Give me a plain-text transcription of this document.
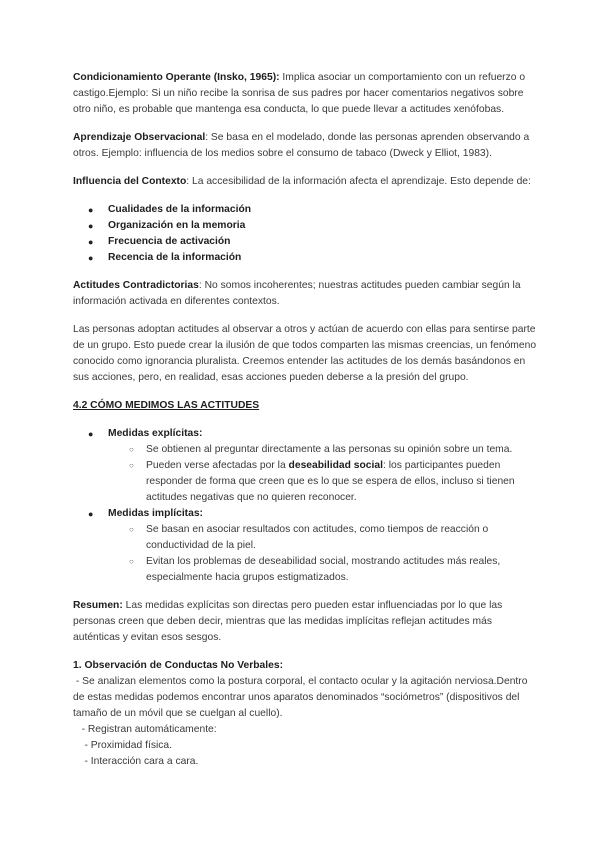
Condicionamiento Operante (Insko, 1965): Implica asociar un comportamiento con un refuerzo o
castigo.Ejemplo: Si un niño recibe la sonrisa de sus padres por hacer comentarios negativos sobre
otro niño, es probable que mantenga esa conducta, lo que puede llevar a actitudes xenófobas.
Aprendizaje Observacional: Se basa en el modelado, donde las personas aprenden observando a
otros. Ejemplo: influencia de los medios sobre el consumo de tabaco (Dweck y Elliot, 1983).
Influencia del Contexto: La accesibilidad de la información afecta el aprendizaje. Esto depende de:
● Cualidades de la información
● Organización en la memoria
● Frecuencia de activación
● Recencia de la información
Actitudes Contradictorias: No somos incoherentes; nuestras actitudes pueden cambiar según la
información activada en diferentes contextos.
Las personas adoptan actitudes al observar a otros y actúan de acuerdo con ellas para sentirse parte
de un grupo. Esto puede crear la ilusión de que todos comparten las mismas creencias, un fenómeno
conocido como ignorancia pluralista. Creemos entender las actitudes de los demás basándonos en
sus acciones, pero, en realidad, esas acciones pueden deberse a la presión del grupo.
4.2 CÓMO MEDIMOS LAS ACTITUDES
● Medidas explícitas:
○ Se obtienen al preguntar directamente a las personas su opinión sobre un tema.
○ Pueden verse afectadas por la deseabilidad social: los participantes pueden
responder de forma que creen que es lo que se espera de ellos, incluso si tienen
actitudes negativas que no quieren reconocer.
● Medidas implícitas:
○ Se basan en asociar resultados con actitudes, como tiempos de reacción o
conductividad de la piel.
○ Evitan los problemas de deseabilidad social, mostrando actitudes más reales,
especialmente hacia grupos estigmatizados.
Resumen: Las medidas explícitas son directas pero pueden estar influenciadas por lo que las
personas creen que deben decir, mientras que las medidas implícitas reflejan actitudes más
auténticas y evitan esos sesgos.
1. Observación de Conductas No Verbales:
- Se analizan elementos como la postura corporal, el contacto ocular y la agitación nerviosa.Dentro
de estas medidas podemos encontrar unos aparatos denominados “sociómetros” (dispositivos del
tamaño de un móvil que se cuelgan al cuello).
- Registran automáticamente:
- Proximidad física.
- Interacción cara a cara.
